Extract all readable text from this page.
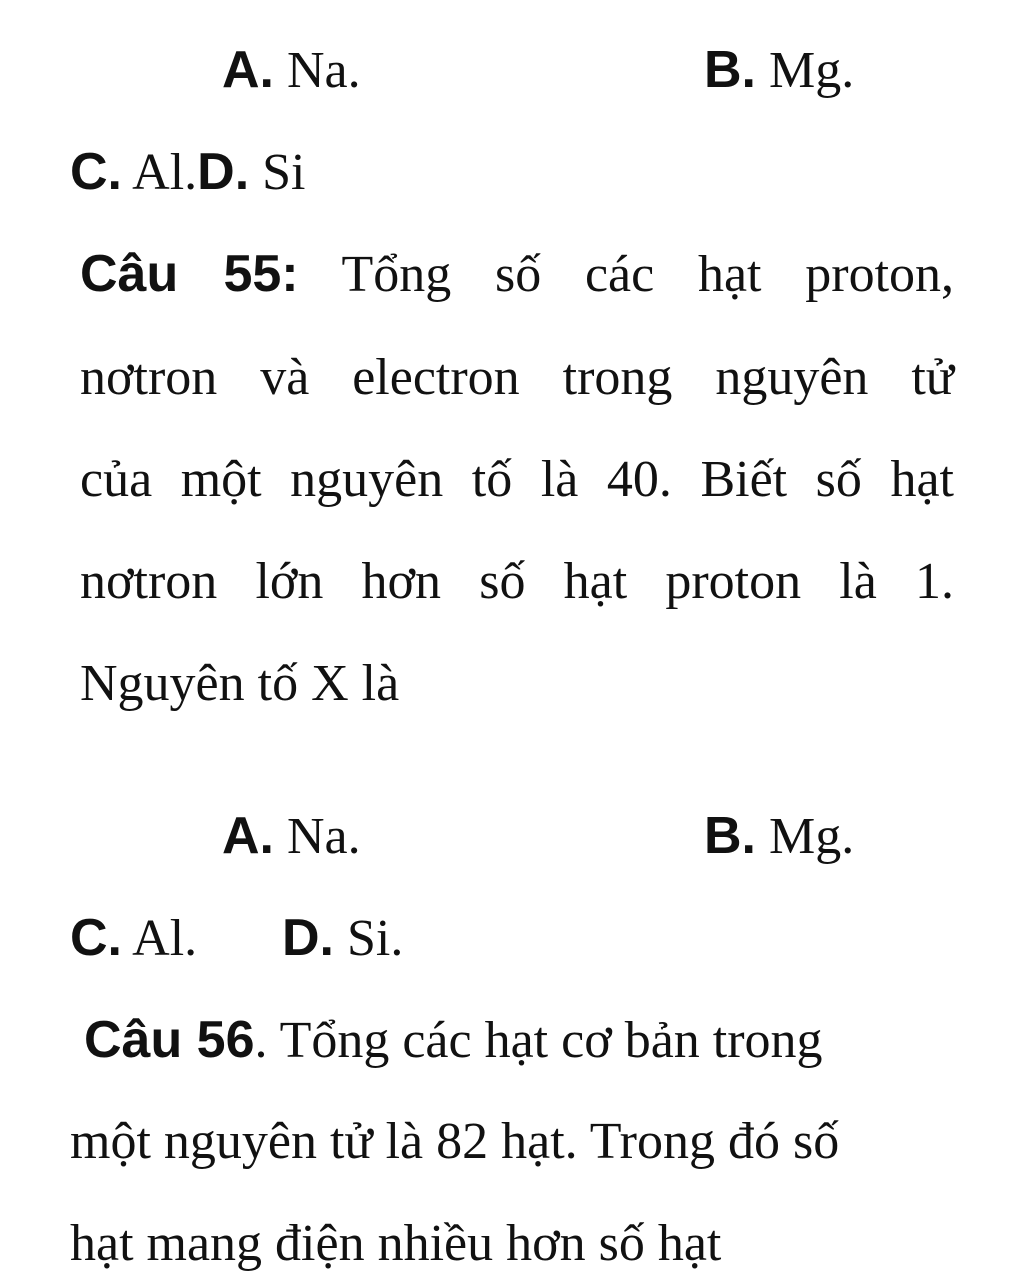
A. Na.	B. Mg.
C. Al.D. Si
Câu 55: Tổng số các hạt proton,
nơtron và electron trong nguyên tử
của một nguyên tố là 40. Biết số hạt
nơtron lớn hơn số hạt proton là 1.
Nguyên tố X là
A. Na.	B. Mg.
C. Al. D. Si.
Câu 56. Tổng các hạt cơ bản trong
một nguyên tử là 82 hạt. Trong đó số
hạt mang điện nhiều hơn số hạt
